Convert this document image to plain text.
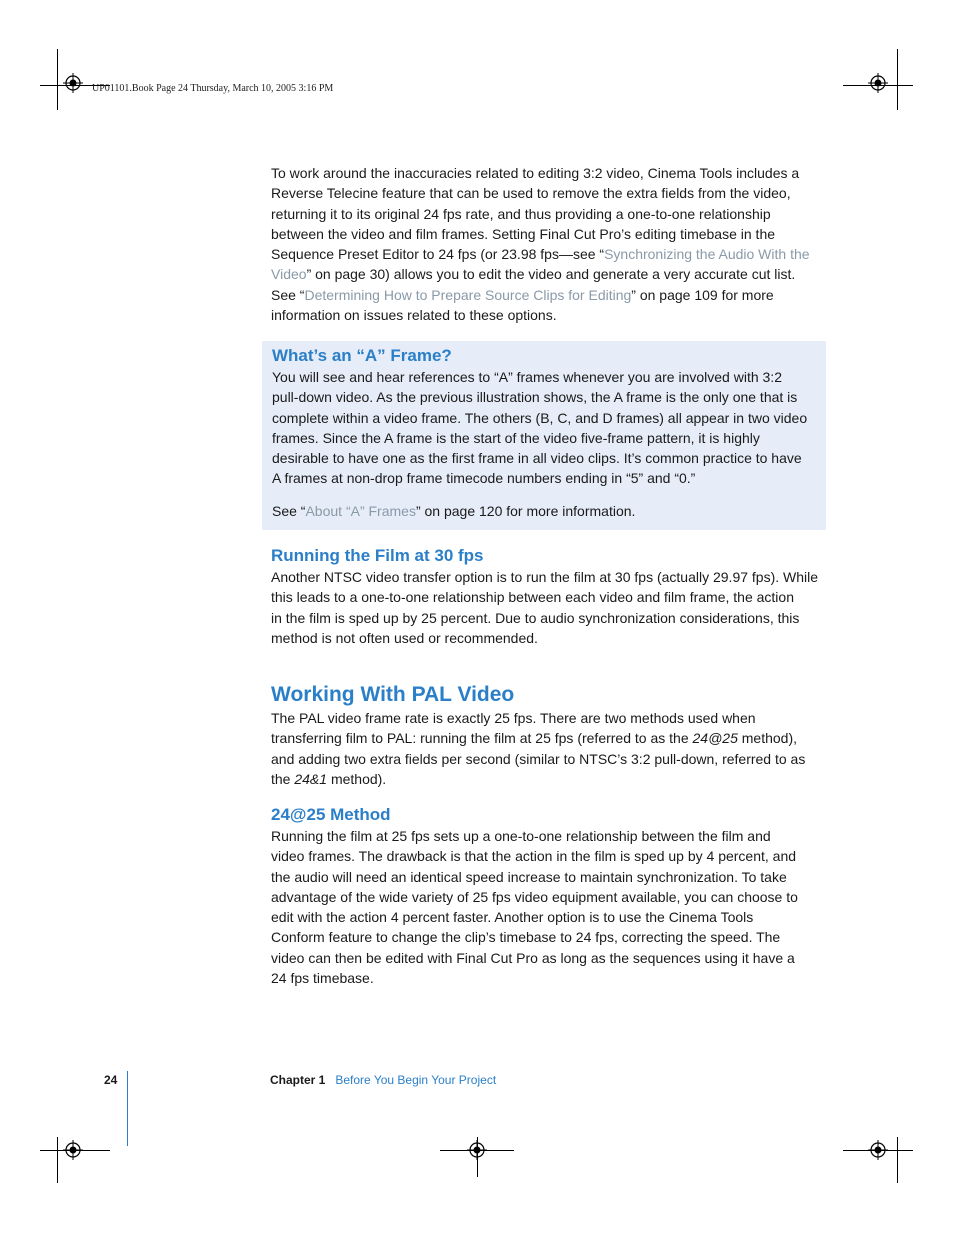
UP01101.Book Page 24 Thursday, March 10, 2005 3:16 PM

To work around the inaccuracies related to editing 3:2 video, Cinema Tools includes a
Reverse Telecine feature that can be used to remove the extra fields from the video,
returning it to its original 24 fps rate, and thus providing a one-to-one relationship
between the video and film frames. Setting Final Cut Pro’s editing timebase in the
Sequence Preset Editor to 24 fps (or 23.98 fps—see “Synchronizing the Audio With the
Video” on page 30) allows you to edit the video and generate a very accurate cut list.
See “Determining How to Prepare Source Clips for Editing” on page 109 for more
information on issues related to these options.

What’s an “A” Frame?

You will see and hear references to “A” frames whenever you are involved with 3:2
pull-down video. As the previous illustration shows, the A frame is the only one that is
complete within a video frame. The others (B, C, and D frames) all appear in two video
frames. Since the A frame is the start of the video five-frame pattern, it is highly
desirable to have one as the first frame in all video clips. It’s common practice to have
A frames at non-drop frame timecode numbers ending in “5” and “0.”

See “About “A” Frames” on page 120 for more information.

Running the Film at 30 fps

Another NTSC video transfer option is to run the film at 30 fps (actually 29.97 fps). While
this leads to a one-to-one relationship between each video and film frame, the action
in the film is sped up by 25 percent. Due to audio synchronization considerations, this
method is not often used or recommended.

Working With PAL Video

The PAL video frame rate is exactly 25 fps. There are two methods used when
transferring film to PAL: running the film at 25 fps (referred to as the 24@25 method),
and adding two extra fields per second (similar to NTSC’s 3:2 pull-down, referred to as
the 24&1 method).

24@25 Method

Running the film at 25 fps sets up a one-to-one relationship between the film and
video frames. The drawback is that the action in the film is sped up by 4 percent, and
the audio will need an identical speed increase to maintain synchronization. To take
advantage of the wide variety of 25 fps video equipment available, you can choose to
edit with the action 4 percent faster. Another option is to use the Cinema Tools
Conform feature to change the clip’s timebase to 24 fps, correcting the speed. The
video can then be edited with Final Cut Pro as long as the sequences using it have a
24 fps timebase.

24	Chapter 1 Before You Begin Your Project
